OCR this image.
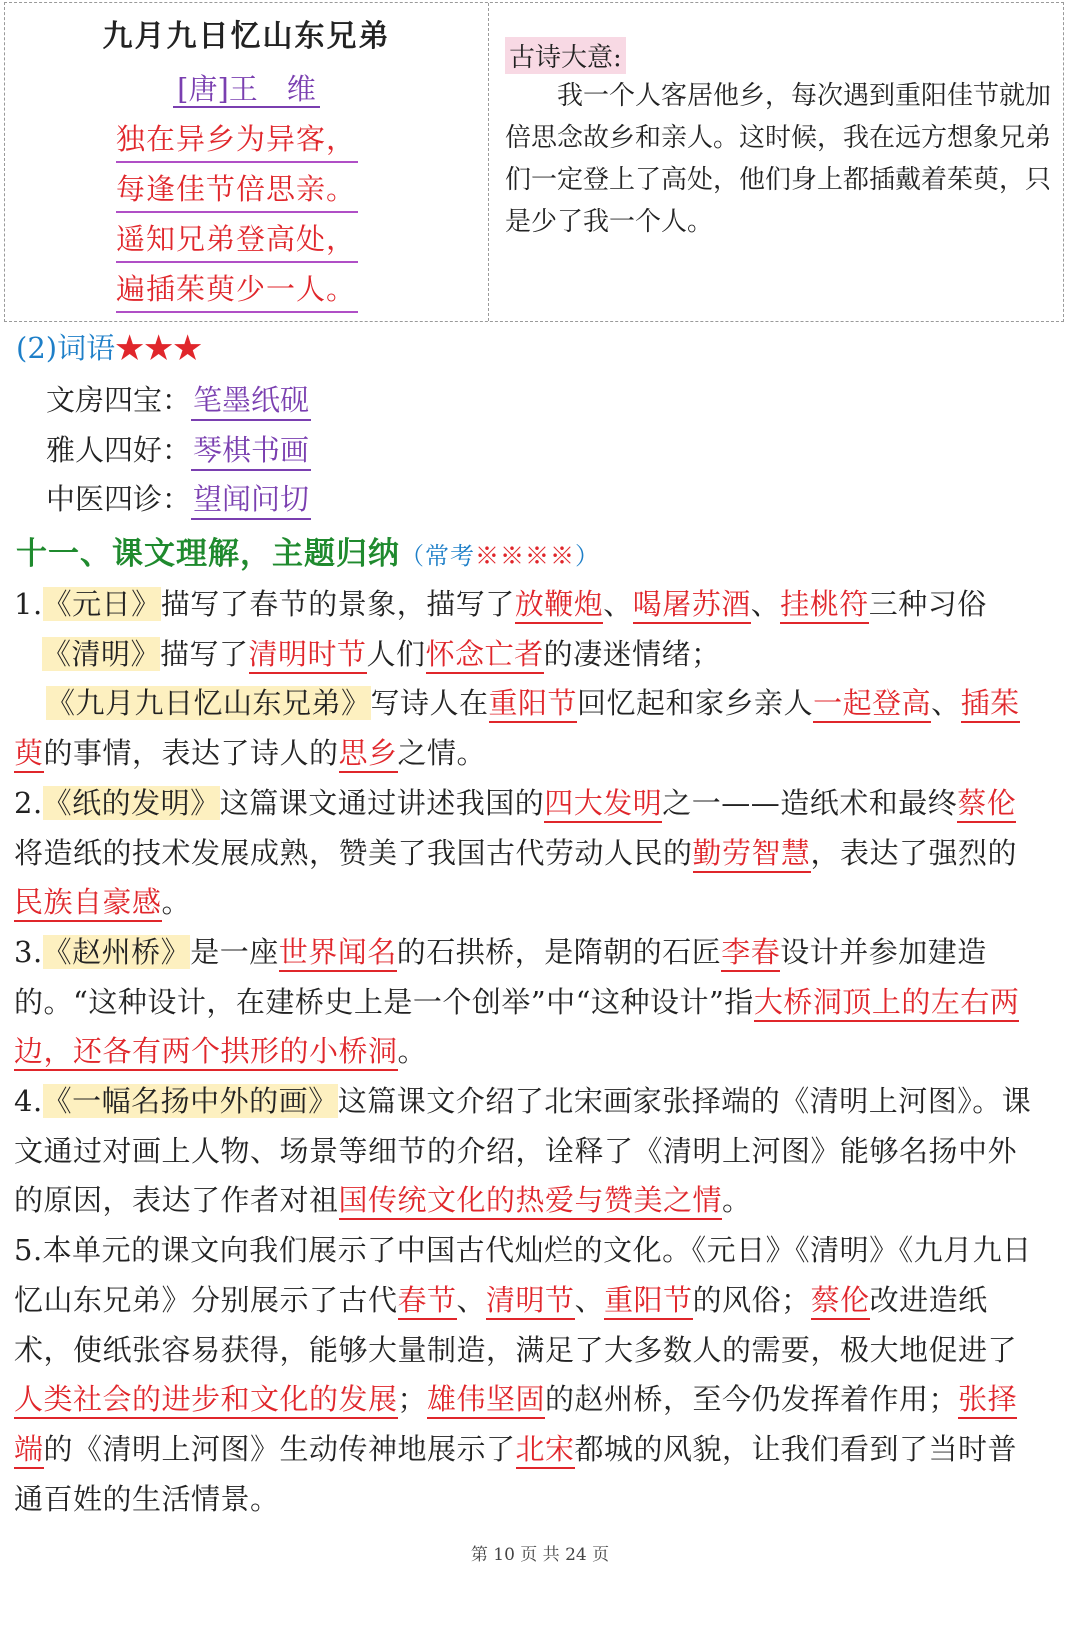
九月九日忆山东兄弟
[唐]王　维
独在异乡为异客，
每逢佳节倍思亲。
遥知兄弟登高处，
遍插茱萸少一人。
古诗大意:

我一个人客居他乡，每次遇到重阳佳节就加倍思念故乡和亲人。这时候，我在远方想象兄弟们一定登上了高处，他们身上都插戴着茱萸，只是少了我一个人。

(2)词语★★★
文房四宝：笔墨纸砚
雅人四好：琴棋书画
中医四诊：望闻问切
十一、课文理解，主题归纳（常考※※※※）

1.《元日》描写了春节的景象，描写了放鞭炮、喝屠苏酒、挂桃符三种习俗
《清明》描写了清明时节人们怀念亡者的凄迷情绪；
《九月九日忆山东兄弟》写诗人在重阳节回忆起和家乡亲人一起登高、插茱萸的事情，表达了诗人的思乡之情。

2.《纸的发明》这篇课文通过讲述我国的四大发明之一——造纸术和最终蔡伦将造纸的技术发展成熟，赞美了我国古代劳动人民的勤劳智慧，表达了强烈的民族自豪感。

3.《赵州桥》是一座世界闻名的石拱桥，是隋朝的石匠李春设计并参加建造的。“这种设计，在建桥史上是一个创举”中“这种设计”指大桥洞顶上的左右两边，还各有两个拱形的小桥洞。

4.《一幅名扬中外的画》这篇课文介绍了北宋画家张择端的《清明上河图》。课文通过对画上人物、场景等细节的介绍，诠释了《清明上河图》能够名扬中外的原因，表达了作者对祖国传统文化的热爱与赞美之情。

5.本单元的课文向我们展示了中国古代灿烂的文化。《元日》《清明》《九月九日忆山东兄弟》分别展示了古代春节、清明节、重阳节的风俗；蔡伦改进造纸术，使纸张容易获得，能够大量制造，满足了大多数人的需要，极大地促进了人类社会的进步和文化的发展；雄伟坚固的赵州桥，至今仍发挥着作用；张择端的《清明上河图》生动传神地展示了北宋都城的风貌，让我们看到了当时普通百姓的生活情景。

第 10 页 共 24 页
